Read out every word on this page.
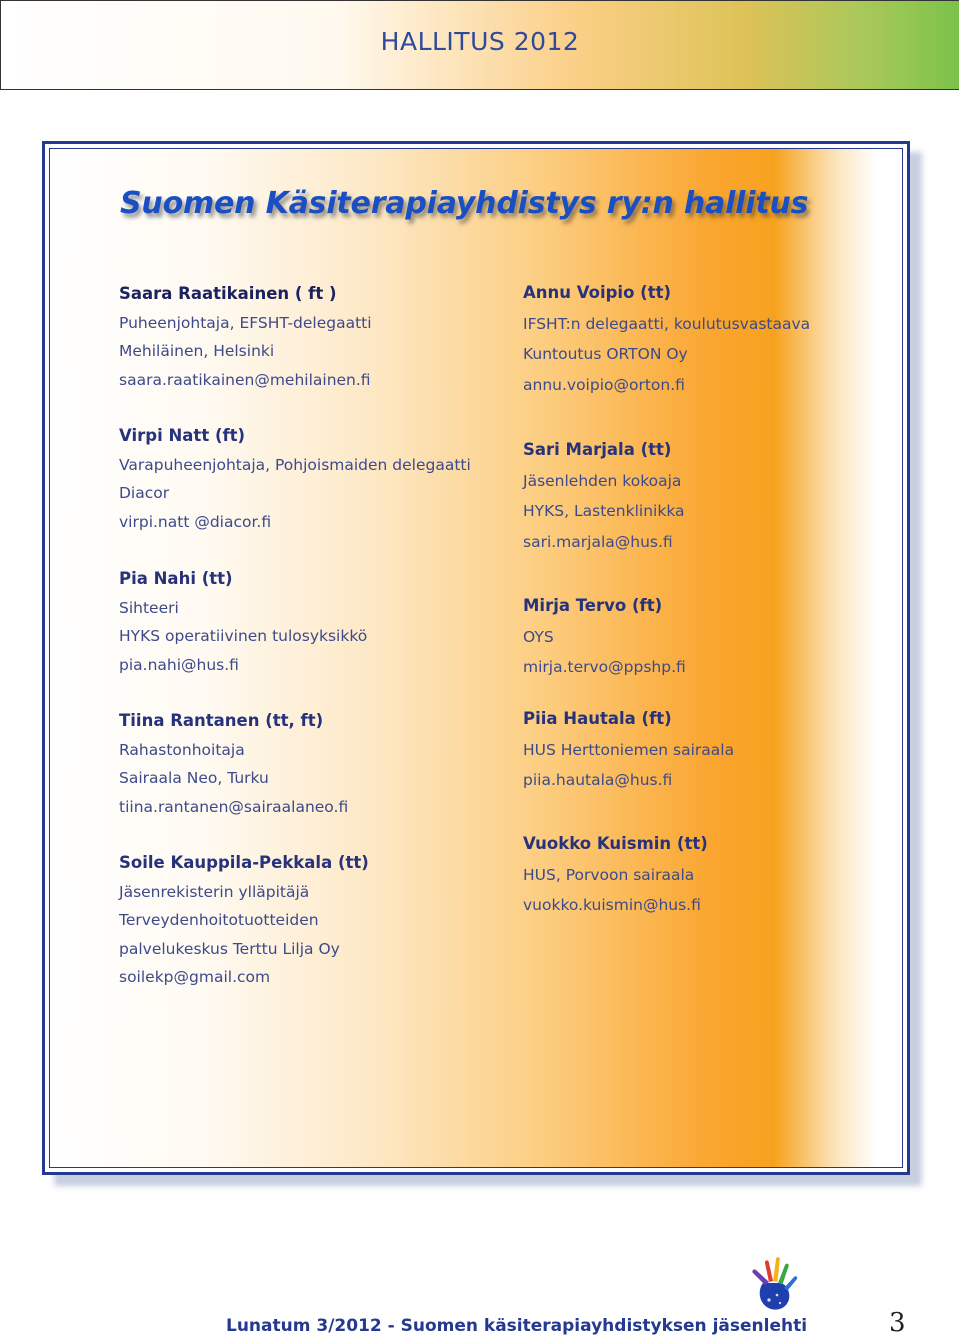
HALLITUS 2012
Suomen Käsiterapiayhdistys ry:n hallitus
Saara Raatikainen ( ft )
Puheenjohtaja, EFSHT-delegaatti
Mehiläinen, Helsinki
saara.raatikainen@mehilainen.fi
Virpi Natt (ft)
Varapuheenjohtaja, Pohjoismaiden delegaatti
Diacor
virpi.natt @diacor.fi
Pia Nahi (tt)
Sihteeri
HYKS operatiivinen tulosyksikkö
pia.nahi@hus.fi
Tiina Rantanen (tt, ft)
Rahastonhoitaja
Sairaala Neo, Turku
tiina.rantanen@sairaalaneo.fi
Soile Kauppila-Pekkala (tt)
Jäsenrekisterin ylläpitäjä
Terveydenhoitotuotteiden
palvelukeskus Terttu Lilja Oy
soilekp@gmail.com
Annu Voipio (tt)
IFSHT:n delegaatti, koulutusvastaava
Kuntoutus ORTON Oy
annu.voipio@orton.fi
Sari Marjala (tt)
Jäsenlehden kokoaja
HYKS, Lastenklinikka
sari.marjala@hus.fi
Mirja Tervo (ft)
OYS
mirja.tervo@ppshp.fi
Piia Hautala (ft)
HUS Herttoniemen sairaala
piia.hautala@hus.fi
Vuokko Kuismin (tt)
HUS, Porvoon sairaala
vuokko.kuismin@hus.fi
Lunatum 3/2012 - Suomen käsiterapiayhdistyksen jäsenlehti	3
